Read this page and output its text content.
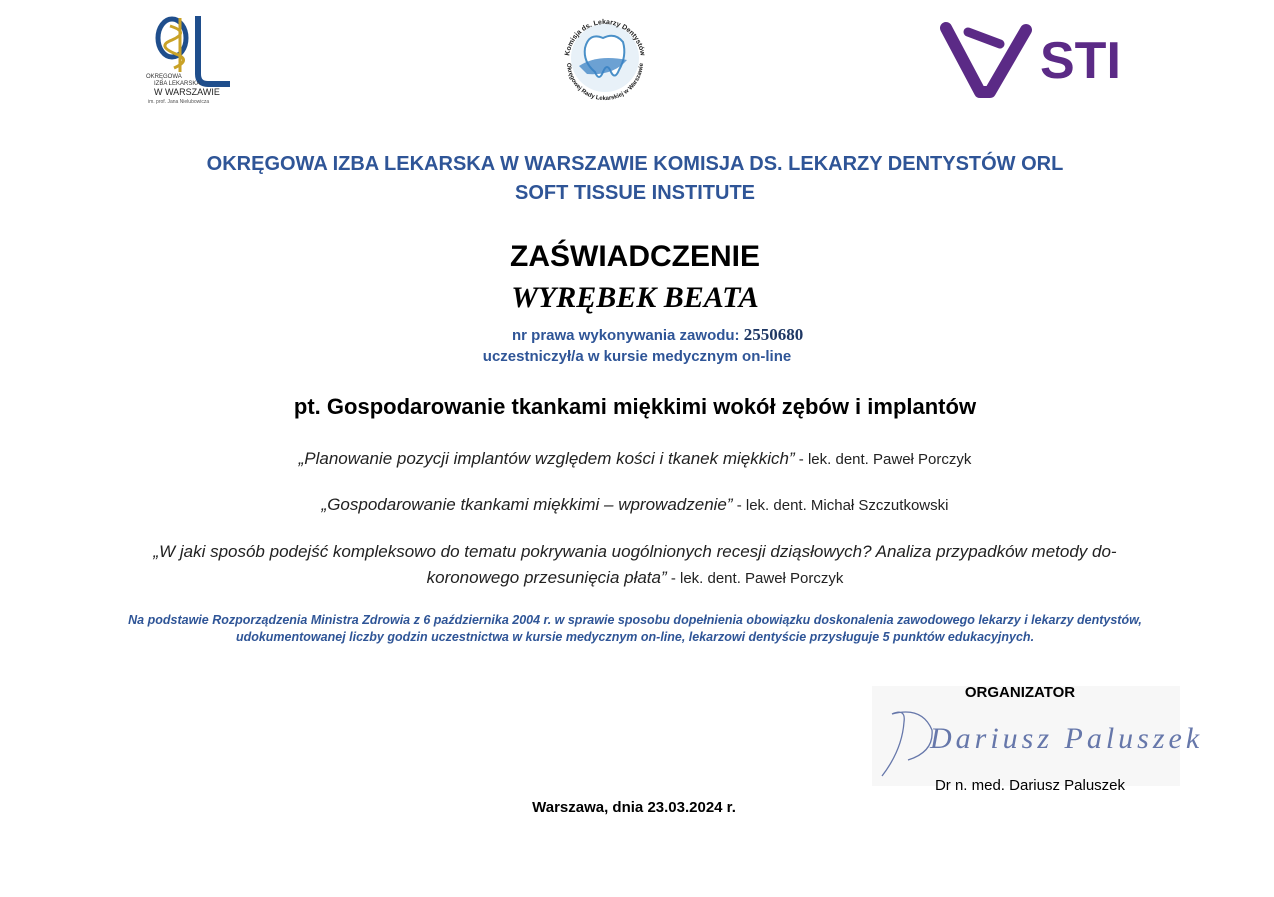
OKRĘGOWA
IZBA LEKARSKA
W WARSZAWIE
im. prof. Jana Nielubowicza
Komisja ds. Lekarzy Dentystów
Okręgowej Rady Lekarskiej w Warszawie	STI
OKRĘGOWA IZBA LEKARSKA W WARSZAWIE KOMISJA DS. LEKARZY DENTYSTÓW ORL
SOFT TISSUE INSTITUTE
ZAŚWIADCZENIE
WYRĘBEK BEATA
nr prawa wykonywania zawodu: 2550680
uczestniczył/a w kursie medycznym on-line
pt. Gospodarowanie tkankami miękkimi wokół zębów i implantów
„Planowanie pozycji implantów względem kości i tkanek miękkich” - lek. dent. Paweł Porczyk
„Gospodarowanie tkankami miękkimi – wprowadzenie” - lek. dent. Michał Szczutkowski
„W jaki sposób podejść kompleksowo do tematu pokrywania uogólnionych recesji dziąsłowych? Analiza przypadków metody do-koronowego przesunięcia płata” - lek. dent. Paweł Porczyk
Na podstawie Rozporządzenia Ministra Zdrowia z 6 października 2004 r. w sprawie sposobu dopełnienia obowiązku doskonalenia zawodowego lekarzy i lekarzy dentystów, udokumentowanej liczby godzin uczestnictwa w kursie medycznym on-line, lekarzowi dentyście przysługuje 5 punktów edukacyjnych.
ORGANIZATOR
Dariusz Paluszek
Dr n. med. Dariusz Paluszek
Warszawa, dnia 23.03.2024 r.
